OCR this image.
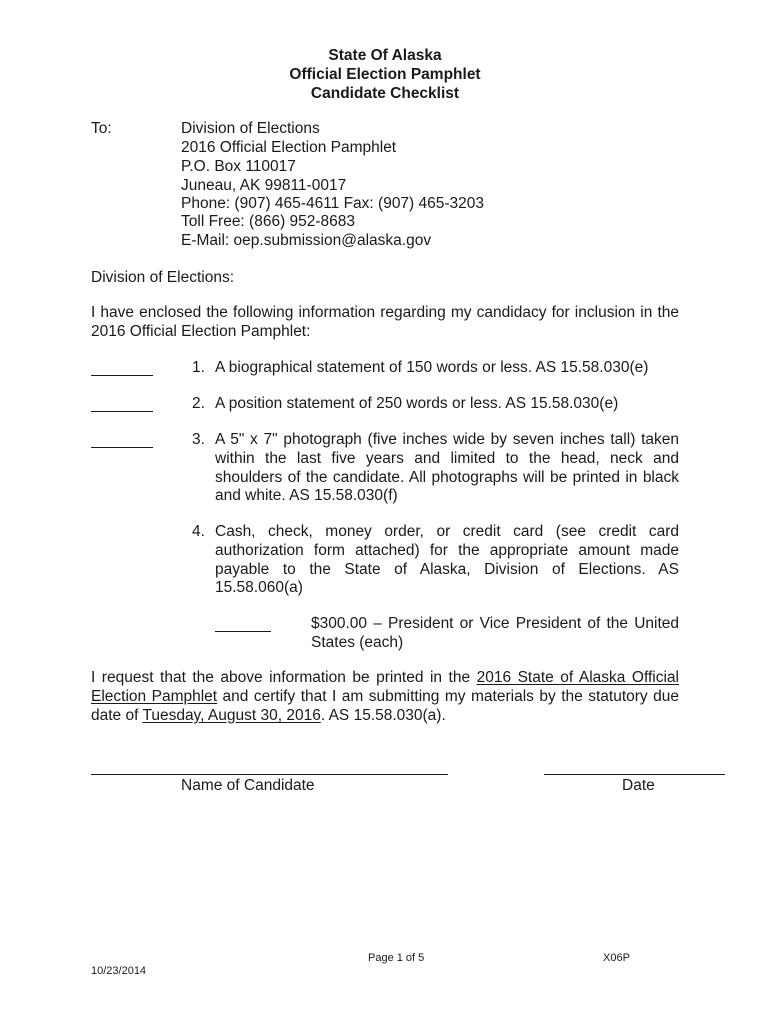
State Of Alaska
Official Election Pamphlet
Candidate Checklist
To:	Division of Elections
2016 Official Election Pamphlet
P.O. Box 110017
Juneau, AK 99811-0017
Phone: (907) 465-4611 Fax: (907) 465-3203
Toll Free: (866) 952-8683
E-Mail: oep.submission@alaska.gov
Division of Elections:
I have enclosed the following information regarding my candidacy for inclusion in the 2016 Official Election Pamphlet:
1. A biographical statement of 150 words or less. AS 15.58.030(e)
2. A position statement of 250 words or less. AS 15.58.030(e)
3. A 5" x 7" photograph (five inches wide by seven inches tall) taken within the last five years and limited to the head, neck and shoulders of the candidate. All photographs will be printed in black and white. AS 15.58.030(f)
4. Cash, check, money order, or credit card (see credit card authorization form attached) for the appropriate amount made payable to the State of Alaska, Division of Elections. AS 15.58.060(a)
$300.00 – President or Vice President of the United States (each)
I request that the above information be printed in the 2016 State of Alaska Official Election Pamphlet and certify that I am submitting my materials by the statutory due date of Tuesday, August 30, 2016. AS 15.58.030(a).
Name of Candidate	Date
Page 1 of 5	X06P
10/23/2014
